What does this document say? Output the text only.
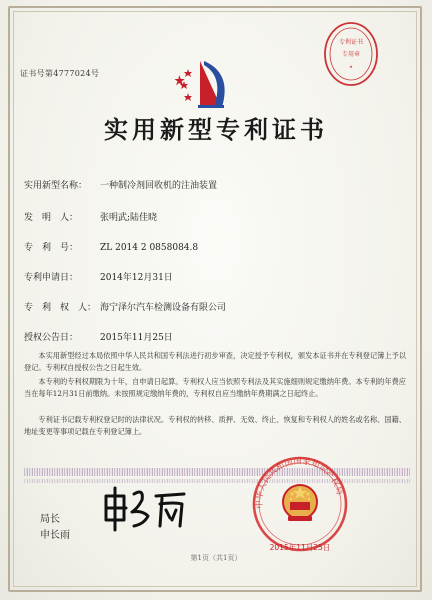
专利证书
专用章
★
证书号第4777024号
实用新型专利证书
实用新型名称： 一种制冷剂回收机的注油装置
发　明　人： 张明武;陆佳晓
专　利　号： ZL 2014 2 0858084.8
专利申请日： 2014年12月31日
专　利　权　人： 海宁泽尔汽车检测设备有限公司
授权公告日： 2015年11月25日
本实用新型经过本局依照中华人民共和国专利法进行初步审查，决定授予专利权，颁发本证书并在专利登记簿上予以登记。专利权自授权公告之日起生效。
本专利的专利权期限为十年，自申请日起算。专利权人应当依照专利法及其实施细则规定缴纳年费。本专利的年费应当在每年12月31日前缴纳。未按照规定缴纳年费的，专利权自应当缴纳年费期满之日起终止。
专利证书记载专利权登记时的法律状况。专利权的转移、质押、无效、终止、恢复和专利权人的姓名或名称、国籍、地址变更等事项记载在专利登记簿上。
局长
申长雨
中华人民共和国国家知识产权局
2015年11月25日
第1页（共1页）
